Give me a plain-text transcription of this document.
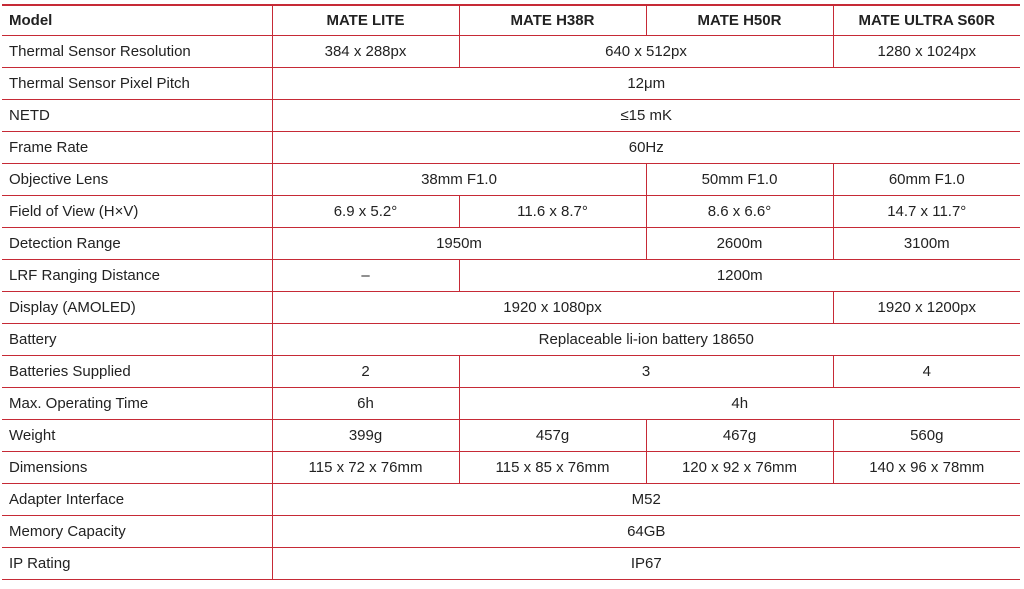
Model	MATE LITE	MATE H38R	MATE H50R	MATE ULTRA S60R
Thermal Sensor Resolution	384 x 288px	640 x 512px		1280 x 1024px
Thermal Sensor Pixel Pitch	12μm			
NETD	≤15 mK			
Frame Rate	60Hz			
Objective Lens	38mm F1.0		50mm F1.0	60mm F1.0
Field of View (H×V)	6.9 x 5.2°	11.6 x 8.7°	8.6 x 6.6°	14.7 x 11.7°
Detection Range	1950m		2600m	3100m
LRF Ranging Distance	–	1200m		
Display (AMOLED)	1920 x 1080px			1920 x 1200px
Battery	Replaceable li-ion battery 18650			
Batteries Supplied	2	3		4
Max. Operating Time	6h	4h		
Weight	399g	457g	467g	560g
Dimensions	115 x 72 x 76mm	115 x 85 x 76mm	120 x 92 x 76mm	140 x 96 x 78mm
Adapter Interface	M52			
Memory Capacity	64GB			
IP Rating	IP67			
